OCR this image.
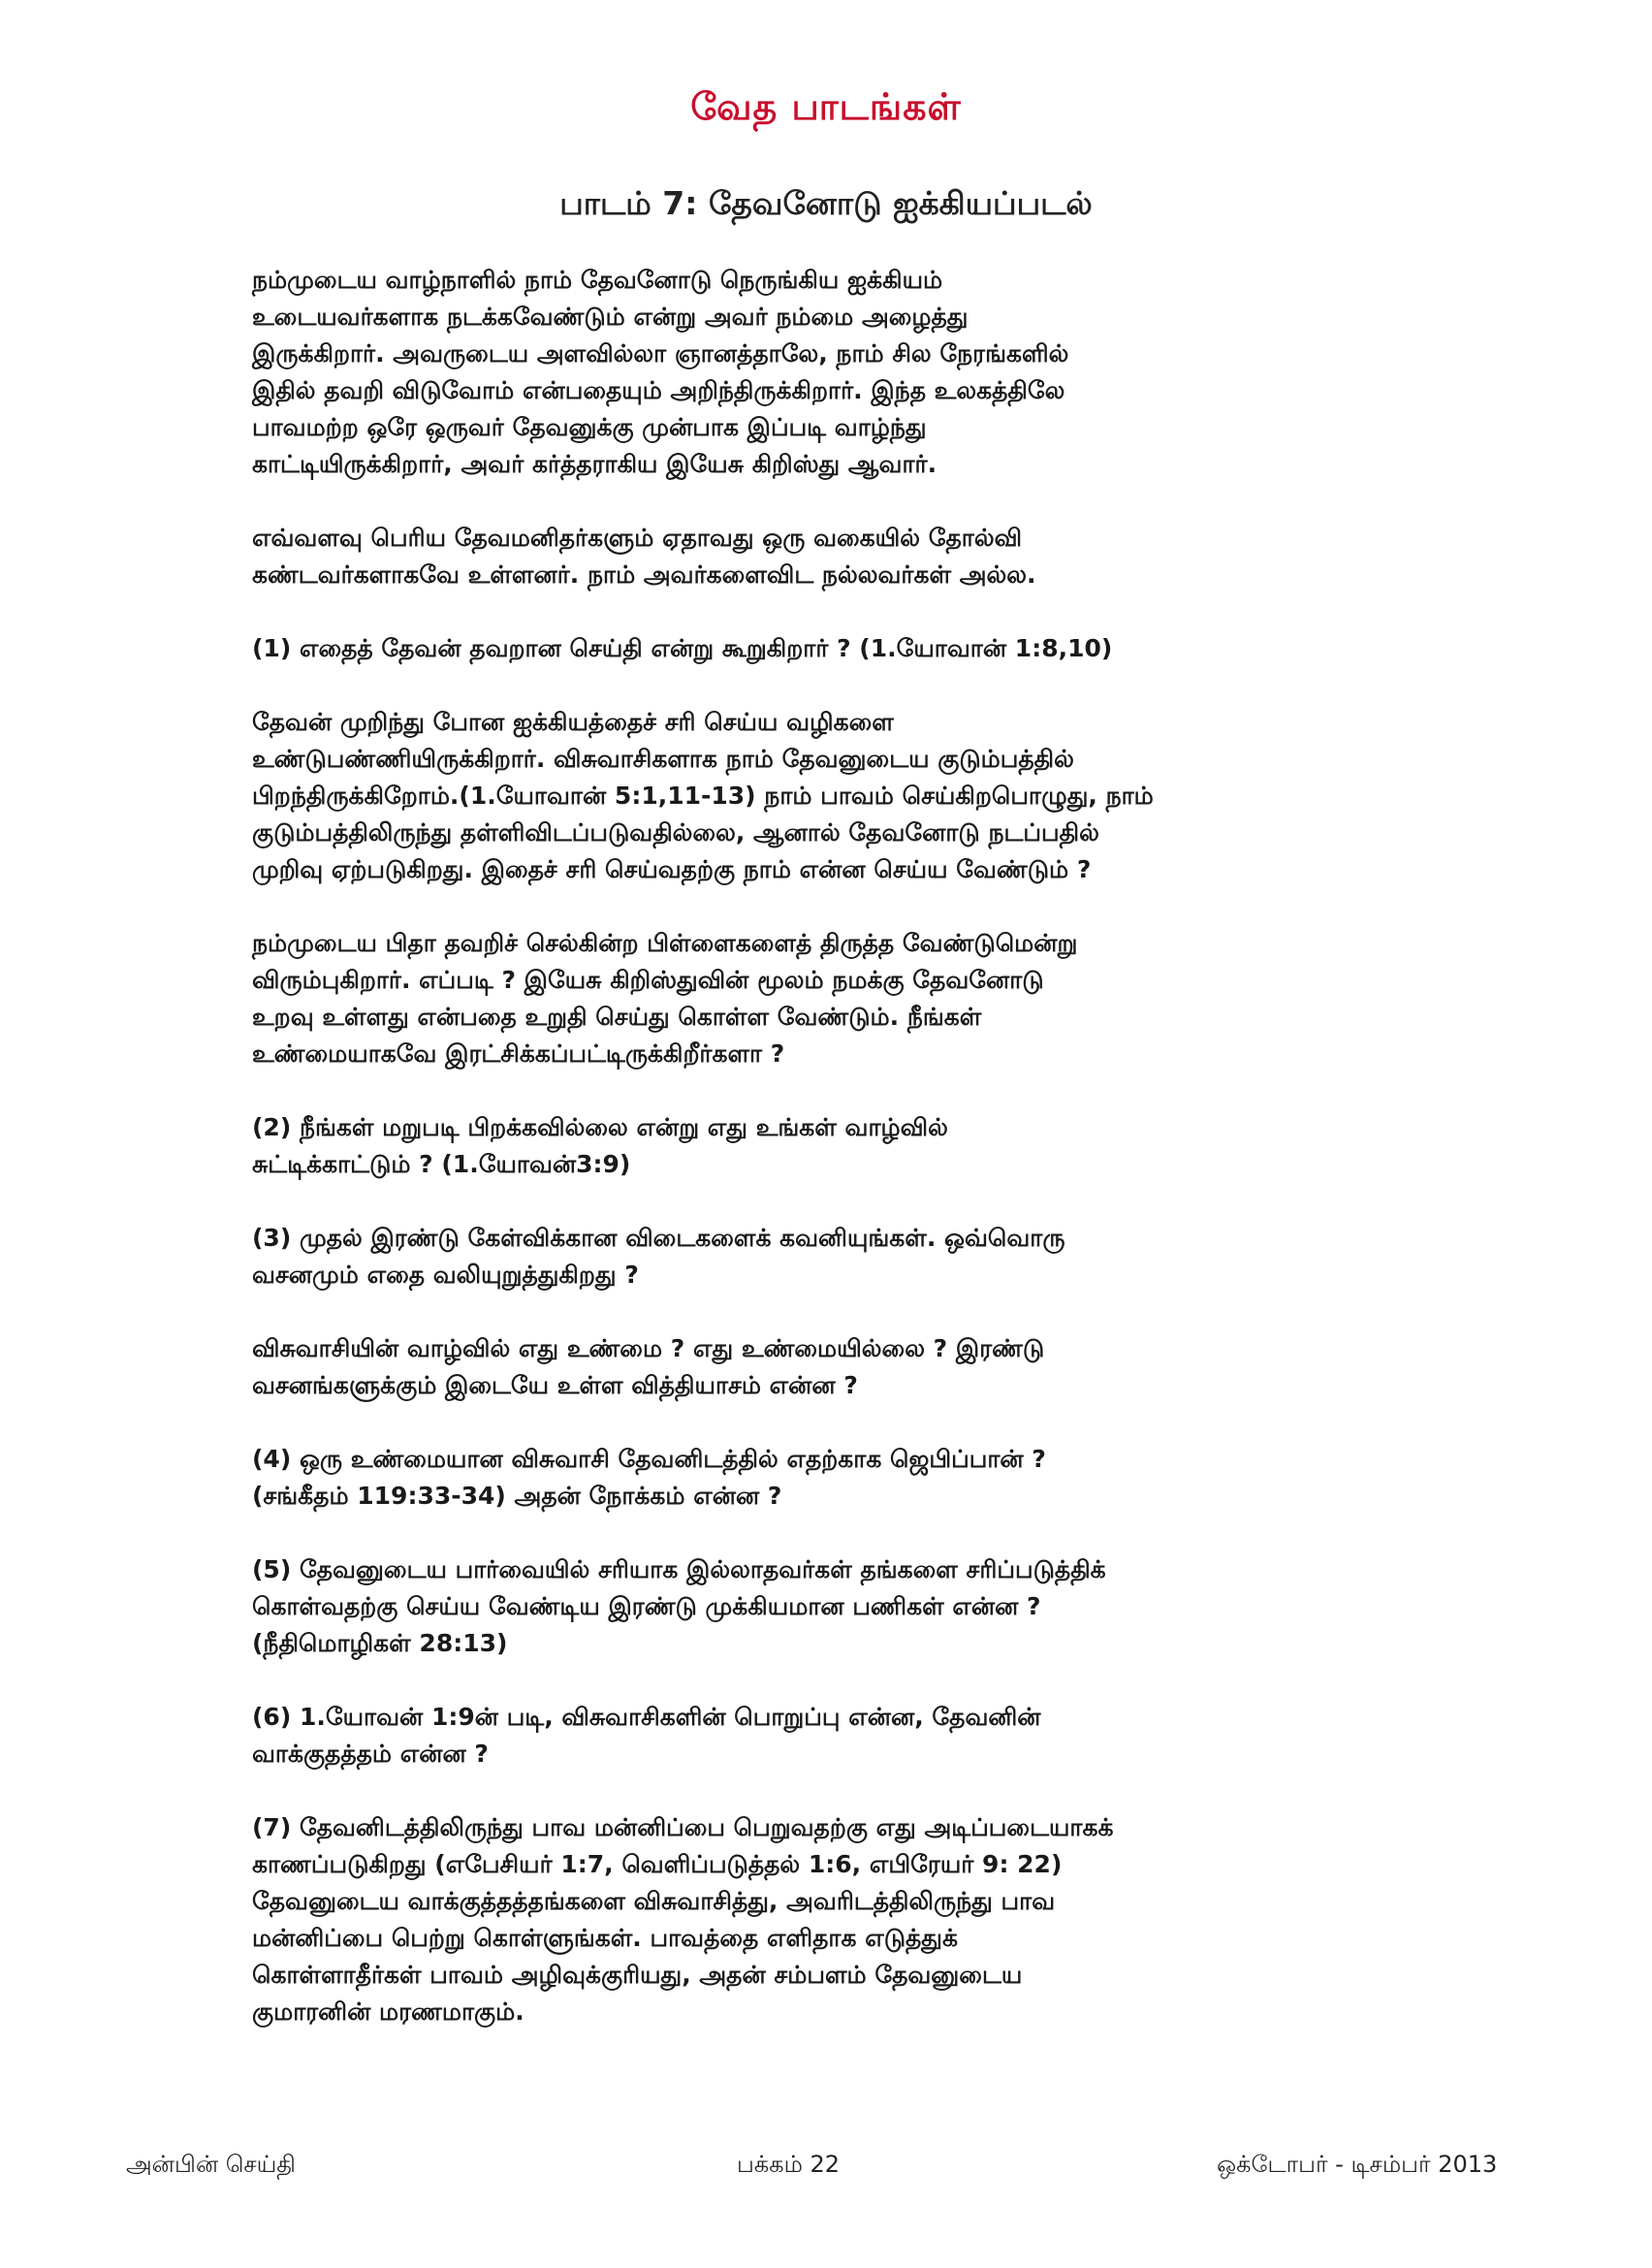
வேத பாடங்கள்
பாடம் 7: தேவனோடு ஐக்கியப்படல்
நம்முடைய வாழ்நாளில் நாம் தேவனோடு நெருங்கிய ஐக்கியம்
உடையவர்களாக நடக்கவேண்டும் என்று அவர் நம்மை அழைத்து
இருக்கிறார். அவருடைய அளவில்லா ஞானத்தாலே, நாம் சில நேரங்களில்
இதில் தவறி விடுவோம் என்பதையும் அறிந்திருக்கிறார். இந்த உலகத்திலே
பாவமற்ற ஒரே ஒருவர் தேவனுக்கு முன்பாக இப்படி வாழ்ந்து
காட்டியிருக்கிறார், அவர் கர்த்தராகிய இயேசு கிறிஸ்து ஆவார்.
எவ்வளவு பெரிய தேவமனிதர்களும் ஏதாவது ஒரு வகையில் தோல்வி
கண்டவர்களாகவே உள்ளனர். நாம் அவர்களைவிட நல்லவர்கள் அல்ல.
(1) எதைத் தேவன் தவறான செய்தி என்று கூறுகிறார் ? (1.யோவான் 1:8,10)
தேவன் முறிந்து போன ஐக்கியத்தைச் சரி செய்ய வழிகளை
உண்டுபண்ணியிருக்கிறார். விசுவாசிகளாக நாம் தேவனுடைய குடும்பத்தில்
பிறந்திருக்கிறோம்.(1.யோவான் 5:1,11-13) நாம் பாவம் செய்கிறபொழுது, நாம்
குடும்பத்திலிருந்து தள்ளிவிடப்படுவதில்லை, ஆனால் தேவனோடு நடப்பதில்
முறிவு ஏற்படுகிறது. இதைச் சரி செய்வதற்கு நாம் என்ன செய்ய வேண்டும் ?
நம்முடைய பிதா தவறிச் செல்கின்ற பிள்ளைகளைத் திருத்த வேண்டுமென்று
விரும்புகிறார். எப்படி ? இயேசு கிறிஸ்துவின் மூலம் நமக்கு தேவனோடு
உறவு உள்ளது என்பதை உறுதி செய்து கொள்ள வேண்டும். நீங்கள்
உண்மையாகவே இரட்சிக்கப்பட்டிருக்கிறீர்களா ?
(2) நீங்கள் மறுபடி பிறக்கவில்லை என்று எது உங்கள் வாழ்வில்
சுட்டிக்காட்டும் ? (1.யோவன்3:9)
(3) முதல் இரண்டு கேள்விக்கான விடைகளைக் கவனியுங்கள். ஒவ்வொரு
வசனமும் எதை வலியுறுத்துகிறது ?
விசுவாசியின் வாழ்வில் எது உண்மை ? எது உண்மையில்லை ? இரண்டு
வசனங்களுக்கும் இடையே உள்ள வித்தியாசம் என்ன ?
(4) ஒரு உண்மையான விசுவாசி தேவனிடத்தில் எதற்காக ஜெபிப்பான் ?
(சங்கீதம் 119:33-34) அதன் நோக்கம் என்ன ?
(5) தேவனுடைய பார்வையில் சரியாக இல்லாதவர்கள் தங்களை சரிப்படுத்திக்
கொள்வதற்கு செய்ய வேண்டிய இரண்டு முக்கியமான பணிகள் என்ன ?
(நீதிமொழிகள் 28:13)
(6) 1.யோவன் 1:9ன் படி, விசுவாசிகளின் பொறுப்பு என்ன, தேவனின்
வாக்குதத்தம் என்ன ?
(7) தேவனிடத்திலிருந்து பாவ மன்னிப்பை பெறுவதற்கு எது அடிப்படையாகக்
காணப்படுகிறது (எபேசியர் 1:7, வெளிப்படுத்தல் 1:6, எபிரேயர் 9: 22)
தேவனுடைய வாக்குத்தத்தங்களை விசுவாசித்து, அவரிடத்திலிருந்து பாவ
மன்னிப்பை பெற்று கொள்ளுங்கள். பாவத்தை எளிதாக எடுத்துக்
கொள்ளாதீர்கள் பாவம் அழிவுக்குரியது, அதன் சம்பளம் தேவனுடைய
குமாரனின் மரணமாகும்.
அன்பின் செய்தி	பக்கம் 22	ஒக்டோபர் - டிசம்பர் 2013
